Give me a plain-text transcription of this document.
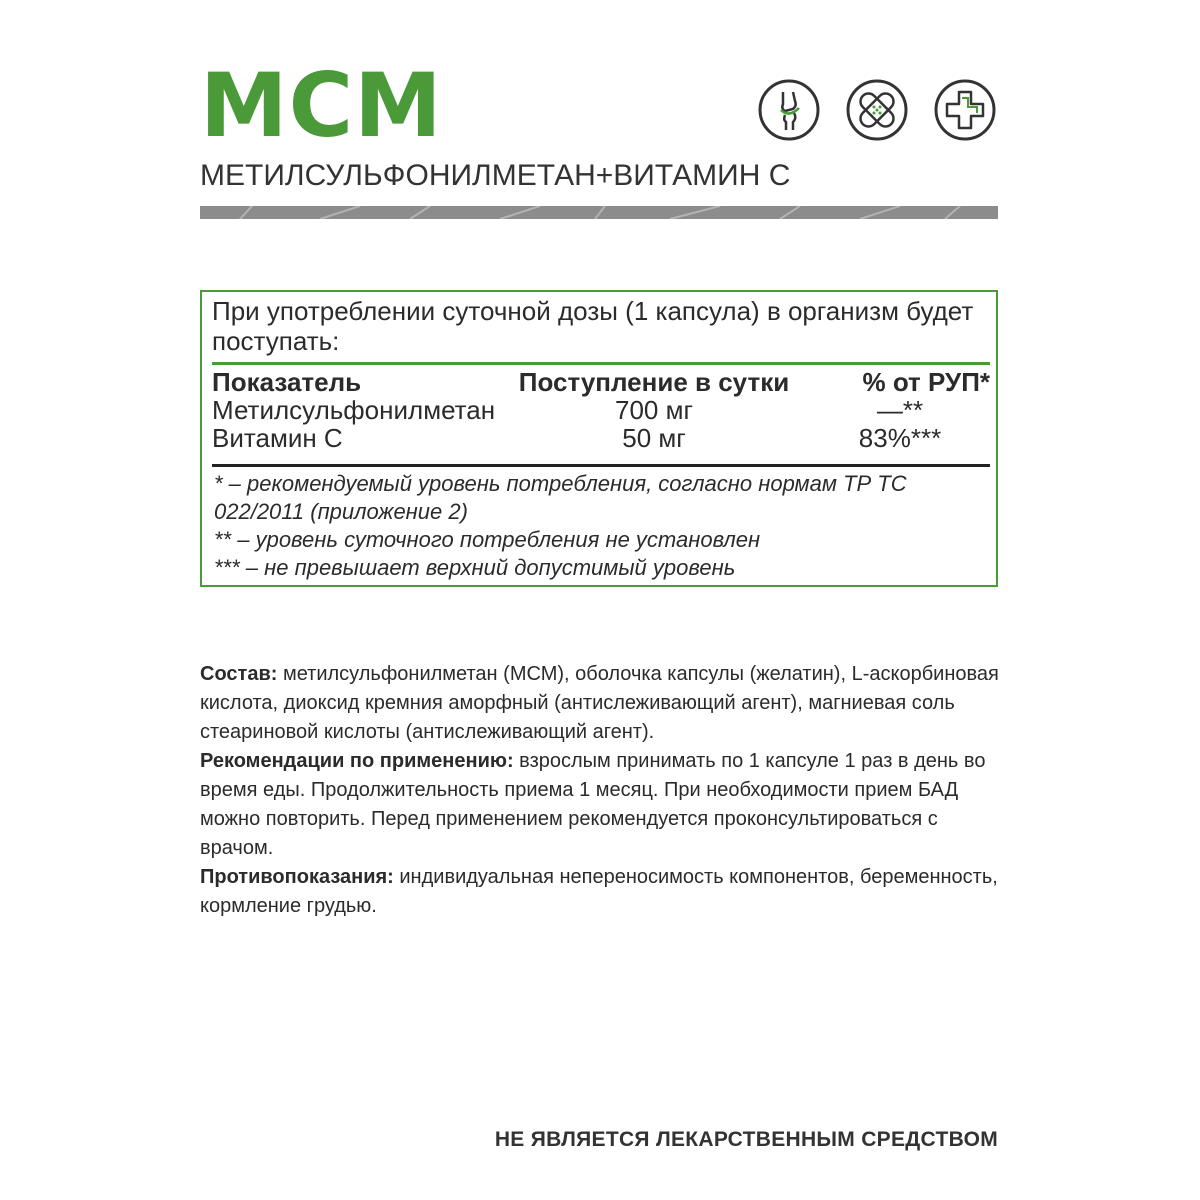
МСМ

МЕТИЛСУЛЬФОНИЛМЕТАН+ВИТАМИН С

При употреблении суточной дозы (1 капсула) в организм будет поступать:

Показатель	Поступление в сутки	% от РУП*
Метилсульфонилметан	700 мг	—**
Витамин С	50 мг	83%***
* – рекомендуемый уровень потребления, согласно нормам ТР ТС 022/2011 (приложение 2)
** – уровень суточного потребления не установлен
*** – не превышает верхний допустимый уровень

Состав: метилсульфонилметан (МСМ), оболочка капсулы (желатин), L-аскорбиновая кислота, диоксид кремния аморфный (антислеживающий агент), магниевая соль стеариновой кислоты (антислеживающий агент).

Рекомендации по применению: взрослым принимать по 1 капсуле 1 раз в день во время еды. Продолжительность приема 1 месяц. При необходимости прием БАД можно повторить. Перед применением рекомендуется проконсультироваться с врачом.

Противопоказания: индивидуальная непереносимость компонентов, беременность, кормление грудью.

НЕ ЯВЛЯЕТСЯ ЛЕКАРСТВЕННЫМ СРЕДСТВОМ
